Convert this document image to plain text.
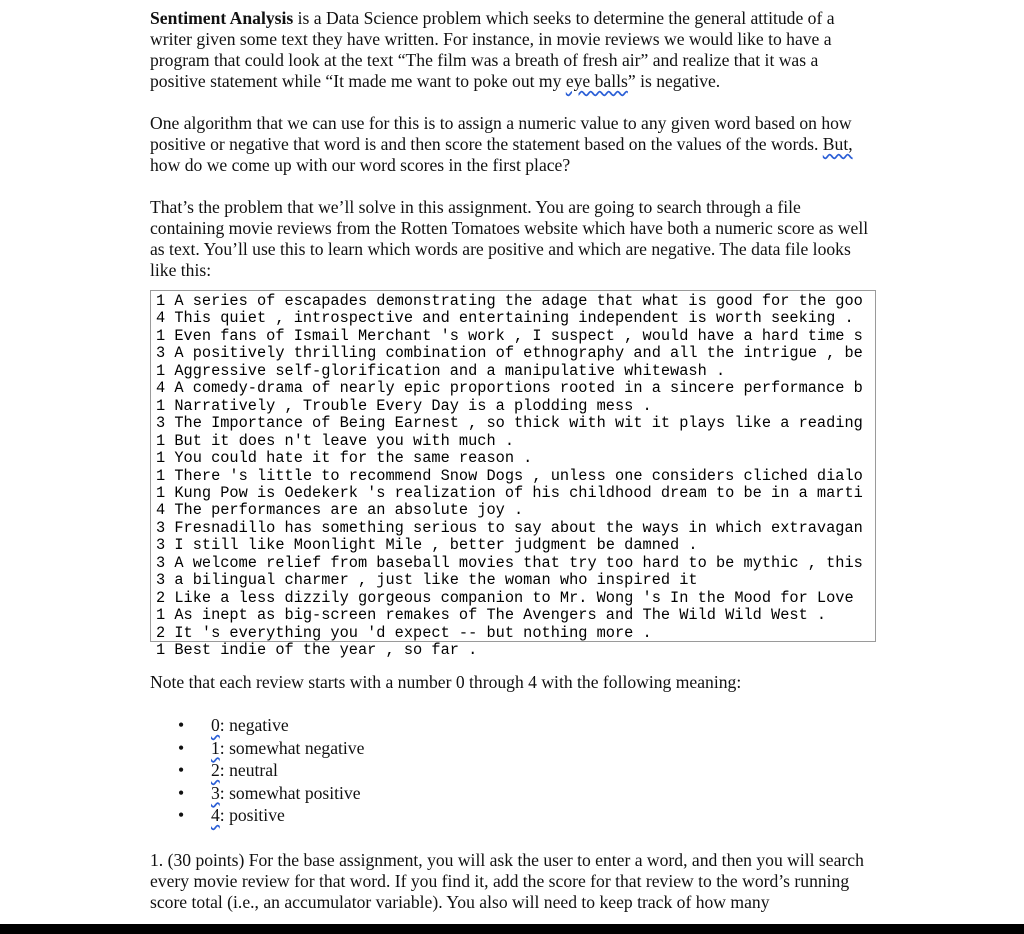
Sentiment Analysis is a Data Science problem which seeks to determine the general attitude of a writer given some text they have written. For instance, in movie reviews we would like to have a program that could look at the text “The film was a breath of fresh air” and realize that it was a positive statement while “It made me want to poke out my eye balls” is negative.

One algorithm that we can use for this is to assign a numeric value to any given word based on how positive or negative that word is and then score the statement based on the values of the words. But, how do we come up with our word scores in the first place?

That’s the problem that we’ll solve in this assignment. You are going to search through a file containing movie reviews from the Rotten Tomatoes website which have both a numeric score as well as text. You’ll use this to learn which words are positive and which are negative. The data file looks like this:

1 A series of escapades demonstrating the adage that what is good for the goo
4 This quiet , introspective and entertaining independent is worth seeking .
1 Even fans of Ismail Merchant 's work , I suspect , would have a hard time s
3 A positively thrilling combination of ethnography and all the intrigue , be
1 Aggressive self-glorification and a manipulative whitewash .
4 A comedy-drama of nearly epic proportions rooted in a sincere performance b
1 Narratively , Trouble Every Day is a plodding mess .
3 The Importance of Being Earnest , so thick with wit it plays like a reading
1 But it does n't leave you with much .
1 You could hate it for the same reason .
1 There 's little to recommend Snow Dogs , unless one considers cliched dialo
1 Kung Pow is Oedekerk 's realization of his childhood dream to be in a marti
4 The performances are an absolute joy .
3 Fresnadillo has something serious to say about the ways in which extravagan
3 I still like Moonlight Mile , better judgment be damned .
3 A welcome relief from baseball movies that try too hard to be mythic , this
3 a bilingual charmer , just like the woman who inspired it
2 Like a less dizzily gorgeous companion to Mr. Wong 's In the Mood for Love
1 As inept as big-screen remakes of The Avengers and The Wild Wild West .
2 It 's everything you 'd expect -- but nothing more .
1 Best indie of the year , so far .

Note that each review starts with a number 0 through 4 with the following meaning:

• 0: negative
• 1: somewhat negative
• 2: neutral
• 3: somewhat positive
• 4: positive

1. (30 points) For the base assignment, you will ask the user to enter a word, and then you will search every movie review for that word. If you find it, add the score for that review to the word’s running score total (i.e., an accumulator variable). You also will need to keep track of how many
